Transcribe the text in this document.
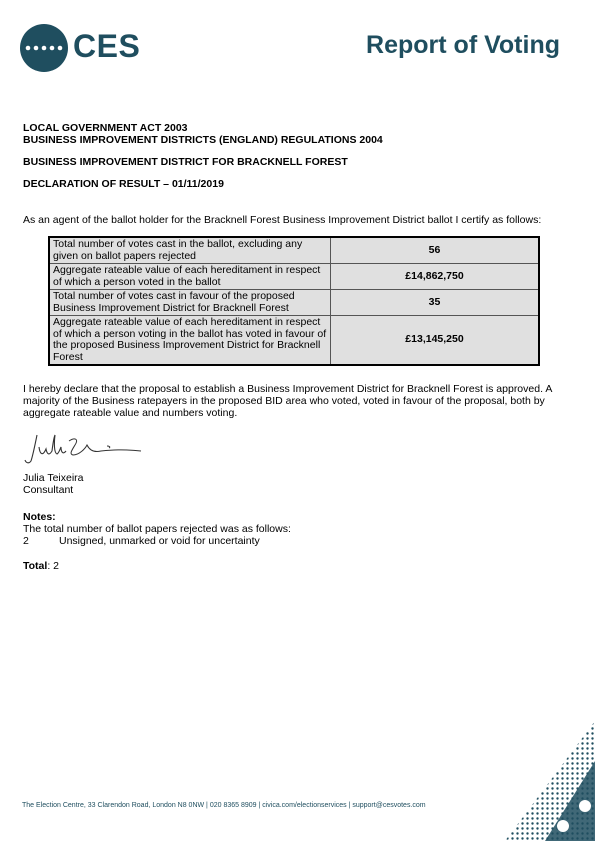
CES	Report of Voting
LOCAL GOVERNMENT ACT 2003
BUSINESS IMPROVEMENT DISTRICTS (ENGLAND) REGULATIONS 2004
BUSINESS IMPROVEMENT DISTRICT FOR BRACKNELL FOREST
DECLARATION OF RESULT – 01/11/2019
As an agent of the ballot holder for the Bracknell Forest Business Improvement District ballot I certify as follows:
Total number of votes cast in the ballot, excluding any given on ballot papers rejected	56
Aggregate rateable value of each hereditament in respect of which a person voted in the ballot	£14,862,750
Total number of votes cast in favour of the proposed Business Improvement District for Bracknell Forest	35
Aggregate rateable value of each hereditament in respect of which a person voting in the ballot has voted in favour of the proposed Business Improvement District for Bracknell Forest	£13,145,250
I hereby declare that the proposal to establish a Business Improvement District for Bracknell Forest is approved. A majority of the Business ratepayers in the proposed BID area who voted, voted in favour of the proposal, both by aggregate rateable value and numbers voting.
Julia Teixeira
Consultant
Notes:
The total number of ballot papers rejected was as follows:
2	Unsigned, unmarked or void for uncertainty
Total: 2
The Election Centre, 33 Clarendon Road, London N8 0NW | 020 8365 8909 | civica.com/electionservices | support@cesvotes.com
